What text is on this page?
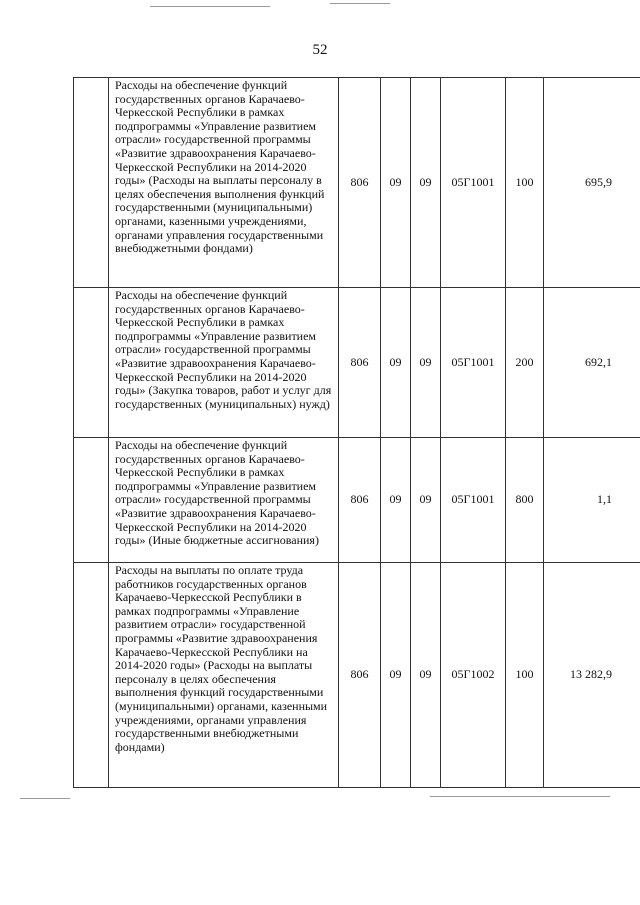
52
	Расходы на обеспечение функций государственных органов Карачаево-Черкесской Республики в рамках подпрограммы «Управление развитием отрасли» государственной программы «Развитие здравоохранения Карачаево-Черкесской Республики на 2014-2020 годы» (Расходы на выплаты персоналу в целях обеспечения выполнения функций государственными (муниципальными) органами, казенными учреждениями, органами управления государственными внебюджетными фондами)	806	09	09	05Г1001	100	695,9
	Расходы на обеспечение функций государственных органов Карачаево-Черкесской Республики в рамках подпрограммы «Управление развитием отрасли» государственной программы «Развитие здравоохранения Карачаево-Черкесской Республики на 2014-2020 годы» (Закупка товаров, работ и услуг для государственных (муниципальных) нужд)	806	09	09	05Г1001	200	692,1
	Расходы на обеспечение функций государственных органов Карачаево-Черкесской Республики в рамках подпрограммы «Управление развитием отрасли» государственной программы «Развитие здравоохранения Карачаево-Черкесской Республики на 2014-2020 годы» (Иные бюджетные ассигнования)	806	09	09	05Г1001	800	1,1
	Расходы на выплаты по оплате труда работников государственных органов Карачаево-Черкесской Республики в рамках подпрограммы «Управление развитием отрасли» государственной программы «Развитие здравоохранения Карачаево-Черкесской Республики на 2014-2020 годы» (Расходы на выплаты персоналу в целях обеспечения выполнения функций государственными (муниципальными) органами, казенными учреждениями, органами управления государственными внебюджетными фондами)	806	09	09	05Г1002	100	13 282,9
